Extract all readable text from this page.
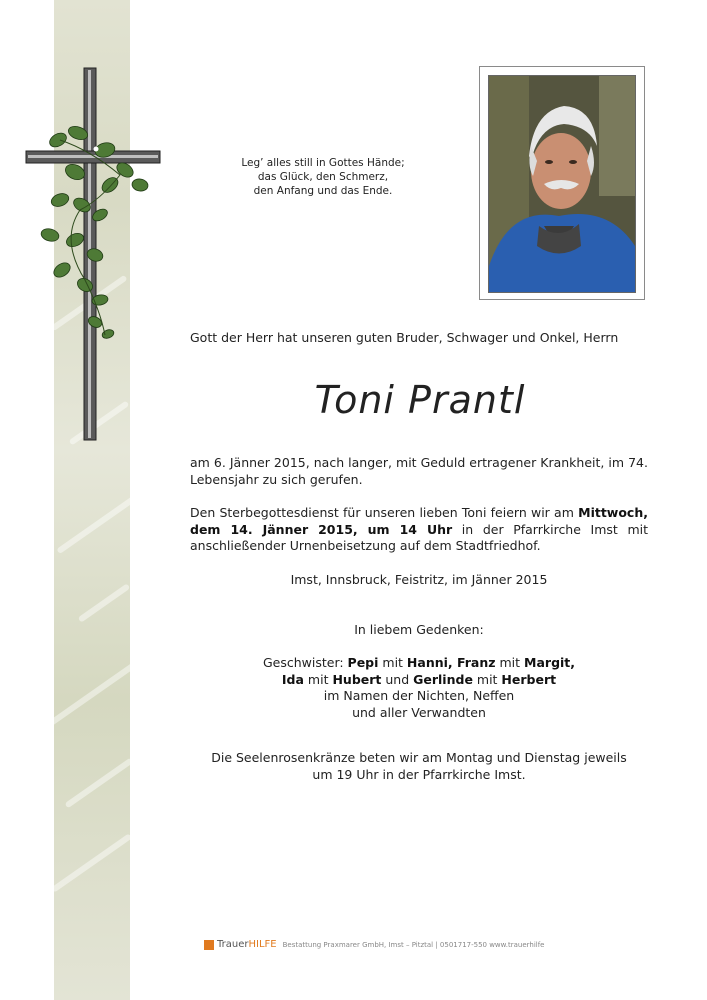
Leg’ alles still in Gottes Hände;
das Glück, den Schmerz,
den Anfang und das Ende.
Gott der Herr hat unseren guten Bruder, Schwager und Onkel, Herrn
Toni Prantl
am 6. Jänner 2015, nach langer, mit Geduld ertragener Krankheit, im 74. Lebensjahr zu sich gerufen.
Den Sterbegottesdienst für unseren lieben Toni feiern wir am Mittwoch, dem 14. Jänner 2015, um 14 Uhr in der Pfarrkirche Imst mit anschließender Urnenbeisetzung auf dem Stadtfriedhof.
Imst, Innsbruck, Feistritz, im Jänner 2015
In liebem Gedenken:
Geschwister: Pepi mit Hanni, Franz mit Margit,
Ida mit Hubert und Gerlinde mit Herbert
im Namen der Nichten, Neffen
und aller Verwandten
Die Seelenrosenkränze beten wir am Montag und Dienstag jeweils
um 19 Uhr in der Pfarrkirche Imst.
TrauerHILFE Bestattung Praxmarer GmbH, Imst – Pitztal | 0501717-550 www.trauerhilfe
